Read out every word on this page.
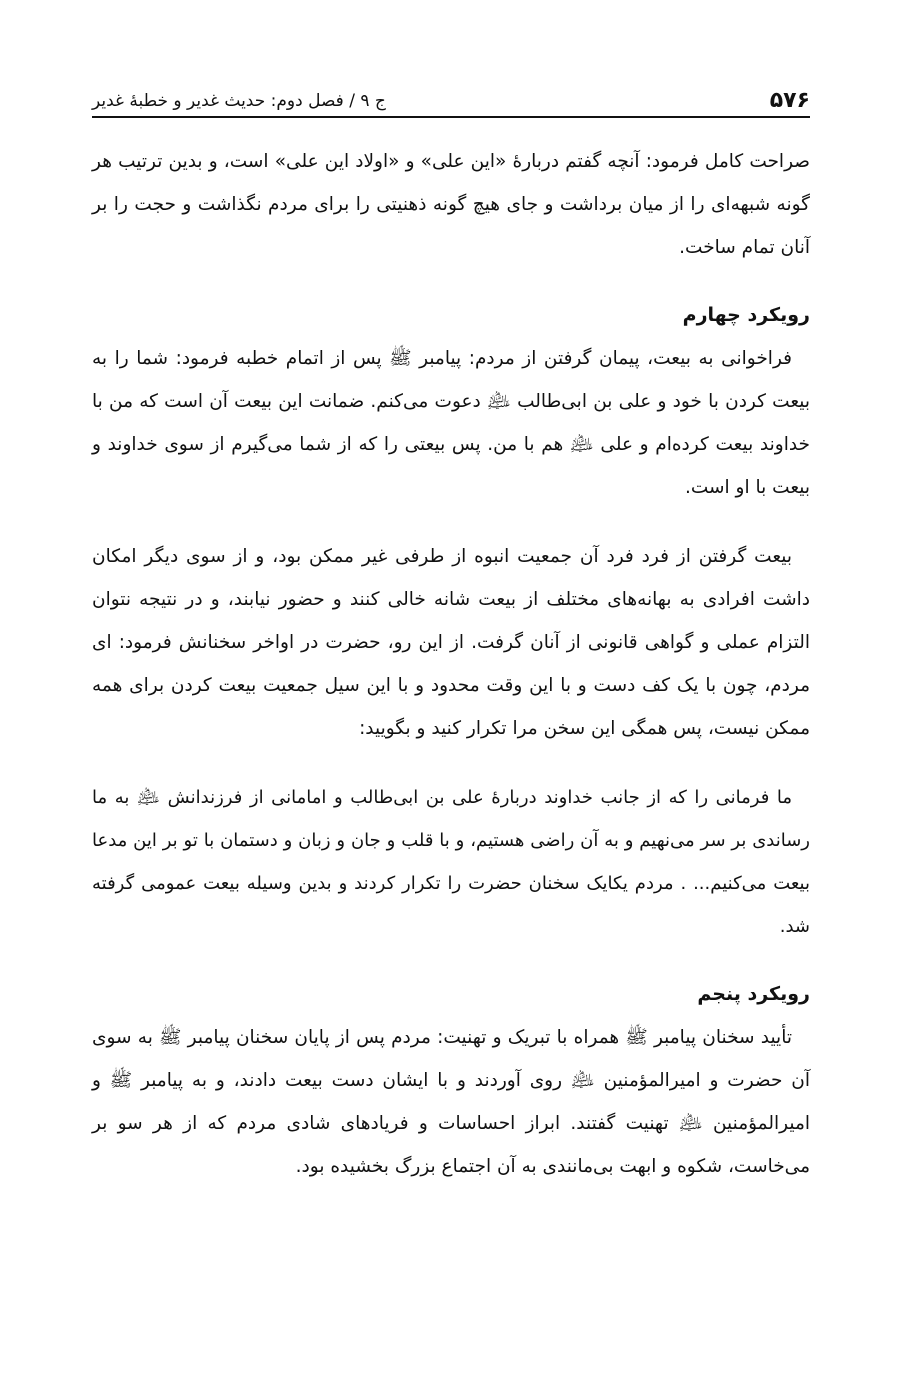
۵۷۶
ج ۹ / فصل دوم: حدیث غدیر و خطبهٔ غدیر

صراحت کامل فرمود: آنچه گفتم دربارهٔ «این علی» و «اولاد این علی» است، و بدین ترتیب هر گونه شبهه‌ای را از میان برداشت و جای هیچ گونه ذهنیتی را برای مردم نگذاشت و حجت را بر آنان تمام ساخت.

رویکرد چهارم

فراخوانی به بیعت، پیمان گرفتن از مردم: پیامبر ﷺ پس از اتمام خطبه فرمود: شما را به بیعت کردن با خود و علی بن ابی‌طالب ﵇ دعوت می‌کنم. ضمانت این بیعت آن است که من با خداوند بیعت کرده‌ام و علی ﵇ هم با من. پس بیعتی را که از شما می‌گیرم از سوی خداوند و بیعت با او است.

بیعت گرفتن از فرد فرد آن جمعیت انبوه از طرفی غیر ممکن بود، و از سوی دیگر امکان داشت افرادی به بهانه‌های مختلف از بیعت شانه خالی کنند و حضور نیابند، و در نتیجه نتوان التزام عملی و گواهی قانونی از آنان گرفت. از این رو، حضرت در اواخر سخنانش فرمود: ای مردم، چون با یک کف دست و با این وقت محدود و با این سیل جمعیت بیعت کردن برای همه ممکن نیست، پس همگی این سخن مرا تکرار کنید و بگویید:

ما فرمانی را که از جانب خداوند دربارهٔ علی بن ابی‌طالب و امامانی از فرزندانش ﵇ به ما رساندی بر سر می‌نهیم و به آن راضی هستیم، و با قلب و جان و زبان و دستمان با تو بر این مدعا بیعت می‌کنیم... . مردم یکایک سخنان حضرت را تکرار کردند و بدین وسیله بیعت عمومی گرفته شد.

رویکرد پنجم

تأیید سخنان پیامبر ﷺ همراه با تبریک و تهنیت: مردم پس از پایان سخنان پیامبر ﷺ به سوی آن حضرت و امیرالمؤمنین ﵇ روی آوردند و با ایشان دست بیعت دادند، و به پیامبر ﷺ و امیرالمؤمنین ﵇ تهنیت گفتند. ابراز احساسات و فریادهای شادی مردم که از هر سو بر می‌خاست، شکوه و ابهت بی‌مانندی به آن اجتماع بزرگ بخشیده بود.
